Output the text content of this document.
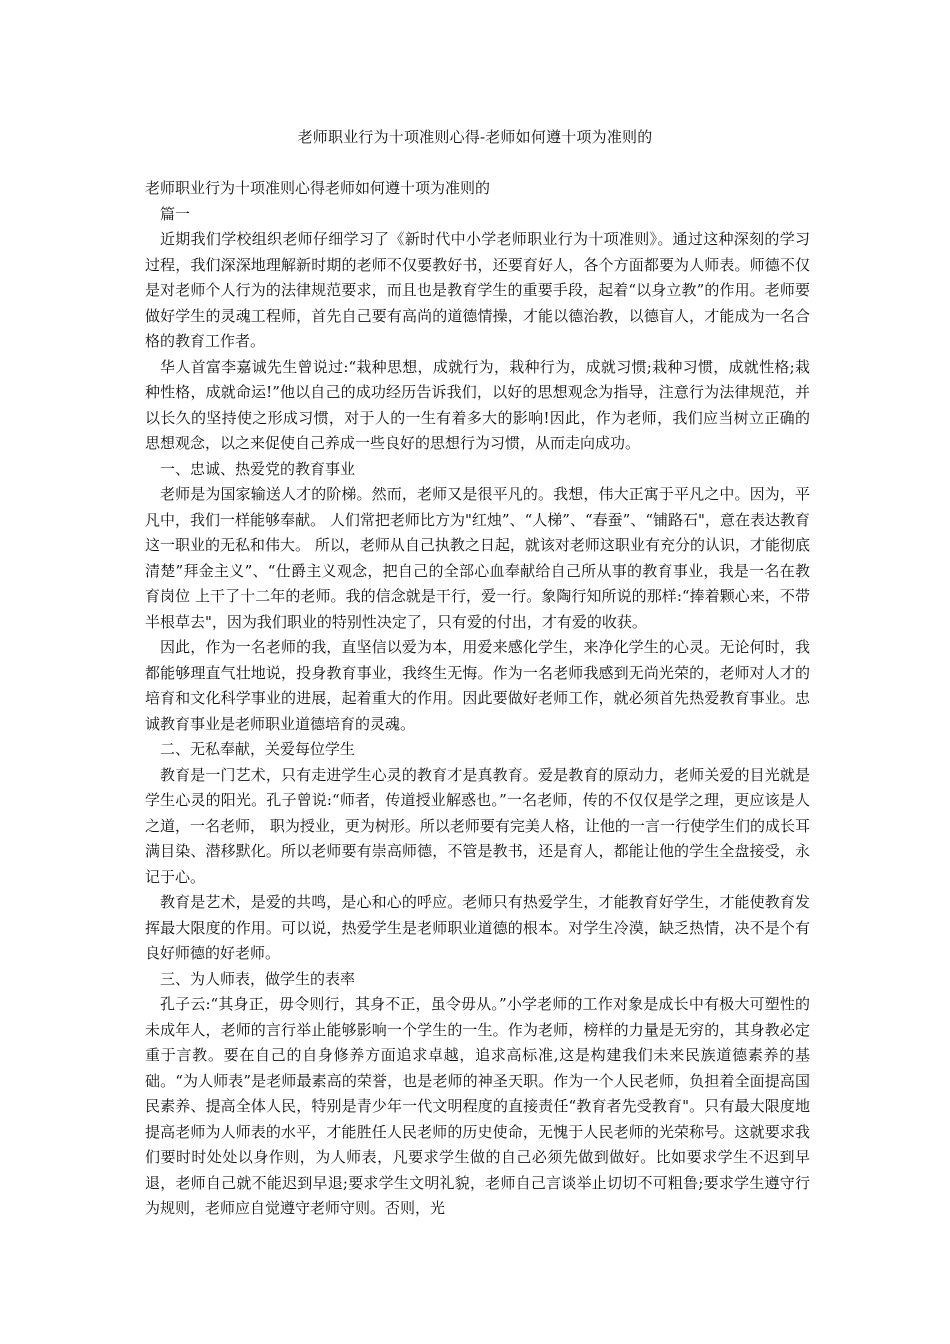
老师职业行为十项准则心得-老师如何遵十项为准则的

老师职业行为十项准则心得老师如何遵十项为准则的

篇一

近期我们学校组织老师仔细学习了《新时代中小学老师职业行为十项准则》。通过这种深刻的学习过程，我们深深地理解新时期的老师不仅要教好书，还要育好人，各个方面都要为人师表。师德不仅是对老师个人行为的法律规范要求，而且也是教育学生的重要手段，起着“以身立教”的作用。老师要做好学生的灵魂工程师，首先自己要有高尚的道德情操，才能以德治教，以德盲人，才能成为一名合格的教育工作者。

华人首富李嘉诚先生曾说过:“栽种思想，成就行为，栽种行为，成就习惯;栽种习惯，成就性格;栽种性格，成就命运!”他以自己的成功经历告诉我们，以好的思想观念为指导，注意行为法律规范，并以长久的坚持使之形成习惯，对于人的一生有着多大的影响!因此，作为老师，我们应当树立正确的思想观念，以之来促使自己养成一些良好的思想行为习惯，从而走向成功。

一、忠诚、热爱党的教育事业

老师是为国家输送人才的阶梯。然而，老师又是很平凡的。我想，伟大正寓于平凡之中。因为，平凡中，我们一样能够奉献。 人们常把老师比方为"红烛”、“人梯”、“春蚕”、“铺路石"，意在表达教育这一职业的无私和伟大。 所以，老师从自己执教之日起，就该对老师这职业有充分的认识，才能彻底清楚”拜金主义”、“仕爵主义观念，把自己的全部心血奉献给自己所从事的教育事业，我是一名在教育岗位 上干了十二年的老师。我的信念就是干行，爱一行。象陶行知所说的那样:“捧着颗心来，不带半根草去"，因为我们职业的特别性决定了，只有爱的付出，才有爱的收获。

因此，作为一名老师的我，直坚信以爱为本，用爱来感化学生，来净化学生的心灵。无论何时，我都能够理直气壮地说，投身教育事业，我终生无悔。作为一名老师我感到无尚光荣的，老师对人才的培育和文化科学事业的进展，起着重大的作用。因此要做好老师工作，就必须首先热爱教育事业。忠诚教育事业是老师职业道德培育的灵魂。

二、无私奉献，关爱每位学生

教育是一门艺术，只有走进学生心灵的教育才是真教育。爱是教育的原动力，老师关爱的目光就是学生心灵的阳光。孔子曾说:“师者，传道授业解惑也。”一名老师，传的不仅仅是学之理，更应该是人之道，一名老师， 职为授业，更为树形。所以老师要有完美人格，让他的一言一行使学生们的成长耳满目染、潜移默化。所以老师要有崇高师德，不管是教书，还是育人，都能让他的学生全盘接受，永记于心。

教育是艺术，是爱的共鸣，是心和心的呼应。老师只有热爱学生，才能教育好学生，才能使教育发挥最大限度的作用。可以说，热爱学生是老师职业道德的根本。对学生冷漠，缺乏热情，决不是个有良好师德的好老师。

三、为人师表，做学生的表率

孔子云:“其身正，毋令则行，其身不正，虽令毋从。”小学老师的工作对象是成长中有极大可塑性的未成年人，老师的言行举止能够影响一个学生的一生。作为老师，榜样的力量是无穷的，其身教必定重于言教。要在自己的自身修养方面追求卓越，追求高标准,这是构建我们未来民族道德素养的基础。“为人师表”是老师最素高的荣誉，也是老师的神圣天职。作为一个人民老师，负担着全面提高国民素养、提高全体人民，特别是青少年一代文明程度的直接责任“教育者先受教育"。只有最大限度地提高老师为人师表的水平，才能胜任人民老师的历史使命，无愧于人民老师的光荣称号。这就要求我们要时时处处以身作则，为人师表，凡要求学生做的自己必须先做到做好。比如要求学生不迟到早退，老师自己就不能迟到早退;要求学生文明礼貌，老师自己言谈举止切切不可粗鲁;要求学生遵守行为规则，老师应自觉遵守老师守则。否则，光
